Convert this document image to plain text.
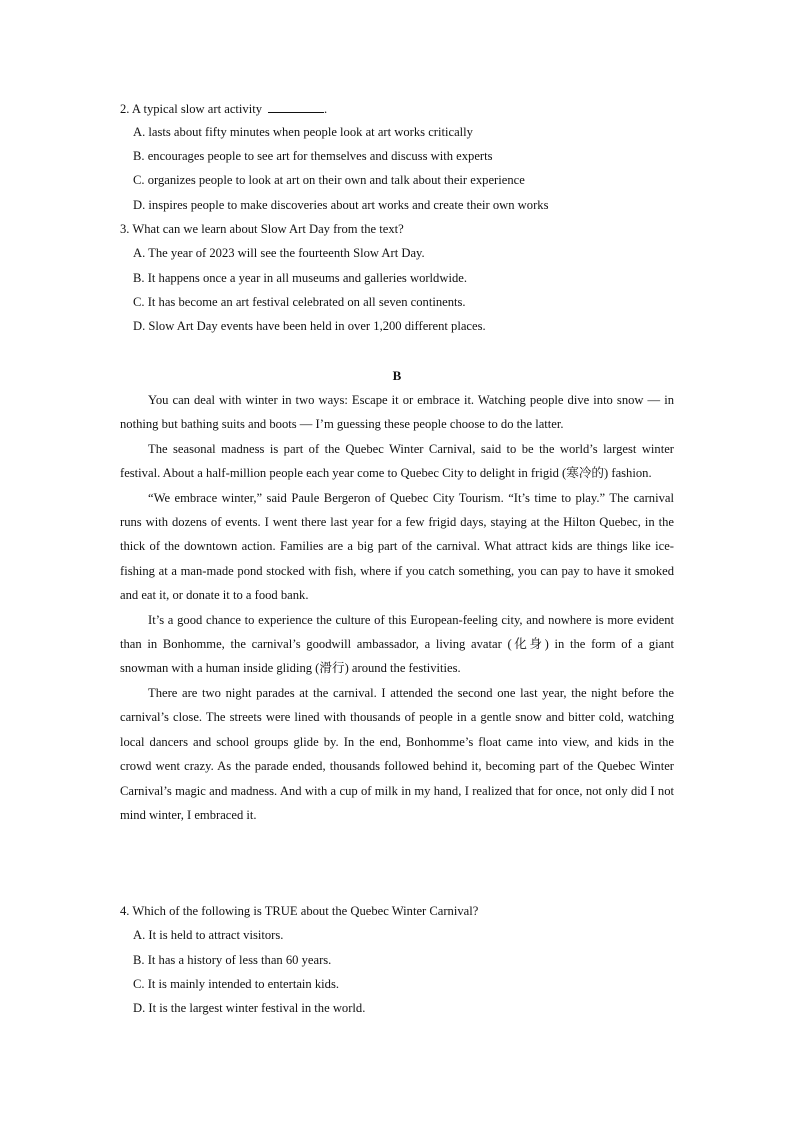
2. A typical slow art activity	.
A. lasts about fifty minutes when people look at art works critically
B. encourages people to see art for themselves and discuss with experts
C. organizes people to look at art on their own and talk about their experience
D. inspires people to make discoveries about art works and create their own works
3. What can we learn about Slow Art Day from the text?
A. The year of 2023 will see the fourteenth Slow Art Day.
B. It happens once a year in all museums and galleries worldwide.
C. It has become an art festival celebrated on all seven continents.
D. Slow Art Day events have been held in over 1,200 different places.
B

You can deal with winter in two ways: Escape it or embrace it. Watching people dive into snow — in nothing but bathing suits and boots — I’m guessing these people choose to do the latter.

The seasonal madness is part of the Quebec Winter Carnival, said to be the world’s largest winter festival. About a half-million people each year come to Quebec City to delight in frigid (寒冷的) fashion.

“We embrace winter,” said Paule Bergeron of Quebec City Tourism. “It’s time to play.” The carnival runs with dozens of events. I went there last year for a few frigid days, staying at the Hilton Quebec, in the thick of the downtown action. Families are a big part of the carnival. What attract kids are things like ice-fishing at a man-made pond stocked with fish, where if you catch something, you can pay to have it smoked and eat it, or donate it to a food bank.

It’s a good chance to experience the culture of this European-feeling city, and nowhere is more evident than in Bonhomme, the carnival’s goodwill ambassador, a living avatar (化身) in the form of a giant snowman with a human inside gliding (滑行) around the festivities.

There are two night parades at the carnival. I attended the second one last year, the night before the carnival’s close. The streets were lined with thousands of people in a gentle snow and bitter cold, watching local dancers and school groups glide by. In the end, Bonhomme’s float came into view, and kids in the crowd went crazy. As the parade ended, thousands followed behind it, becoming part of the Quebec Winter Carnival’s magic and madness. And with a cup of milk in my hand, I realized that for once, not only did I not mind winter, I embraced it.

4. Which of the following is TRUE about the Quebec Winter Carnival?
A. It is held to attract visitors.
B. It has a history of less than 60 years.
C. It is mainly intended to entertain kids.
D. It is the largest winter festival in the world.
